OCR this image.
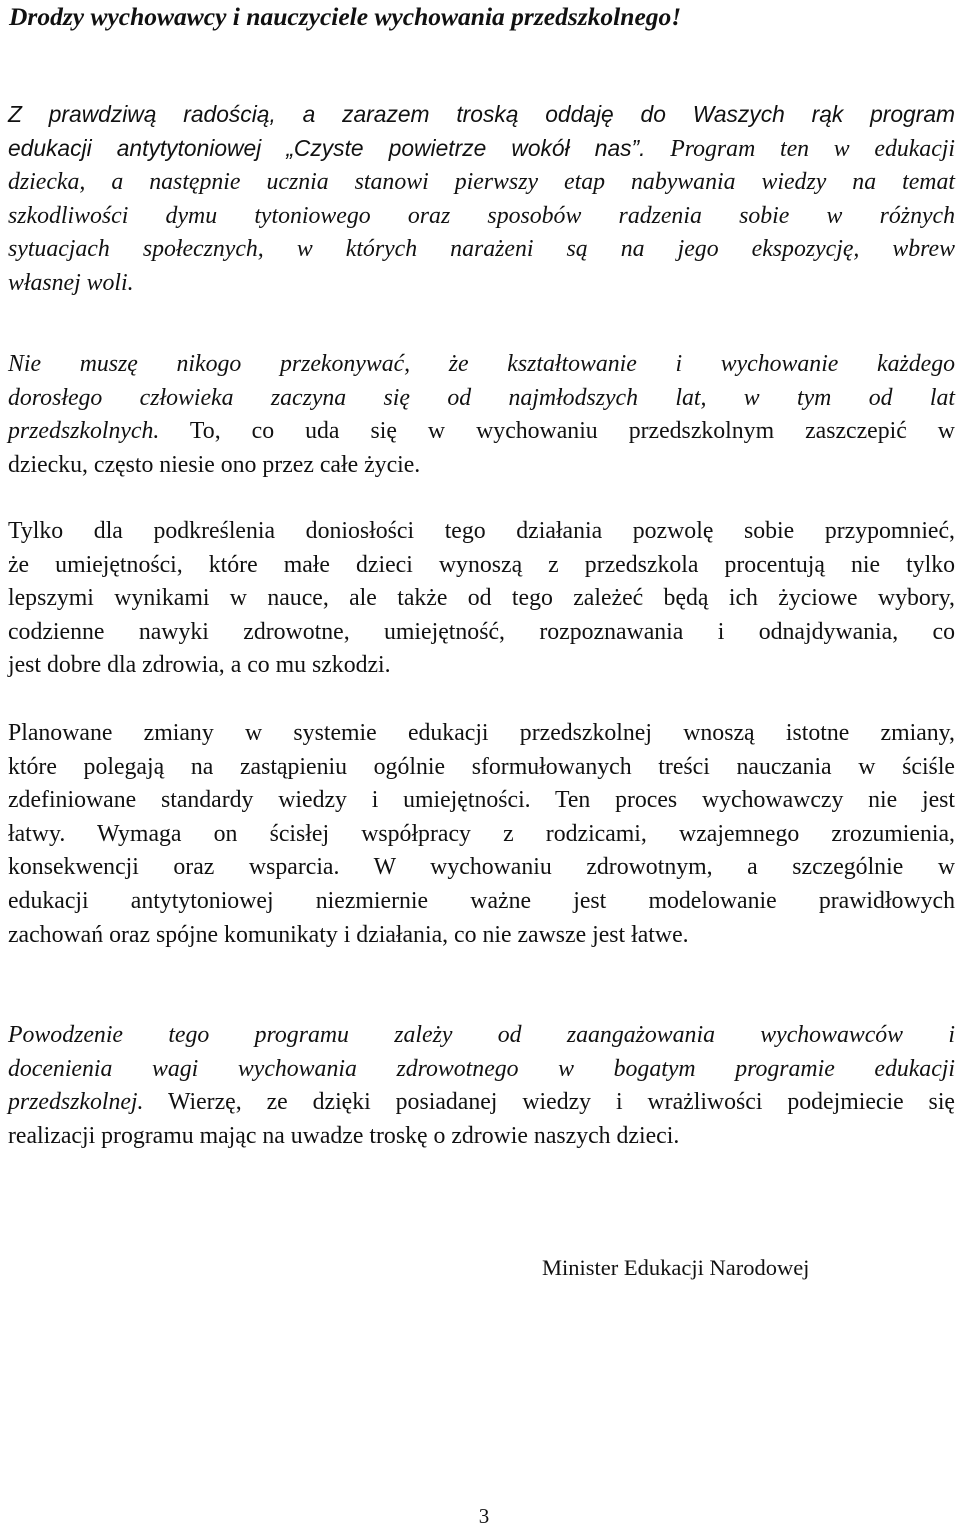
Drodzy wychowawcy i nauczyciele wychowania przedszkolnego!

Z prawdziwą radością, a zarazem troską oddaję do Waszych rąk program
edukacji antytytoniowej „Czyste powietrze wokół nas”. Program ten w edukacji
dziecka, a następnie ucznia stanowi pierwszy etap nabywania wiedzy na temat
szkodliwości dymu tytoniowego oraz sposobów radzenia sobie w różnych
sytuacjach społecznych, w których narażeni są na jego ekspozycję, wbrew
własnej woli.

Nie muszę nikogo przekonywać, że kształtowanie i wychowanie każdego
dorosłego człowieka zaczyna się od najmłodszych lat, w tym od lat
przedszkolnych. To, co uda się w wychowaniu przedszkolnym zaszczepić w
dziecku, często niesie ono przez całe życie.

Tylko dla podkreślenia doniosłości tego działania pozwolę sobie przypomnieć,
że umiejętności, które małe dzieci wynoszą z przedszkola procentują nie tylko
lepszymi wynikami w nauce, ale także od tego zależeć będą ich życiowe wybory,
codzienne nawyki zdrowotne, umiejętność, rozpoznawania i odnajdywania, co
jest dobre dla zdrowia, a co mu szkodzi.

Planowane zmiany w systemie edukacji przedszkolnej wnoszą istotne zmiany,
które polegają na zastąpieniu ogólnie sformułowanych treści nauczania w ściśle
zdefiniowane standardy wiedzy i umiejętności. Ten proces wychowawczy nie jest
łatwy. Wymaga on ścisłej współpracy z rodzicami, wzajemnego zrozumienia,
konsekwencji oraz wsparcia. W wychowaniu zdrowotnym, a szczególnie w
edukacji antytytoniowej niezmiernie ważne jest modelowanie prawidłowych
zachowań oraz spójne komunikaty i działania, co nie zawsze jest łatwe.

Powodzenie tego programu zależy od zaangażowania wychowawców i
docenienia wagi wychowania zdrowotnego w bogatym programie edukacji
przedszkolnej. Wierzę, ze dzięki posiadanej wiedzy i wrażliwości podejmiecie się
realizacji programu mając na uwadze troskę o zdrowie naszych dzieci.

Minister Edukacji Narodowej
3
